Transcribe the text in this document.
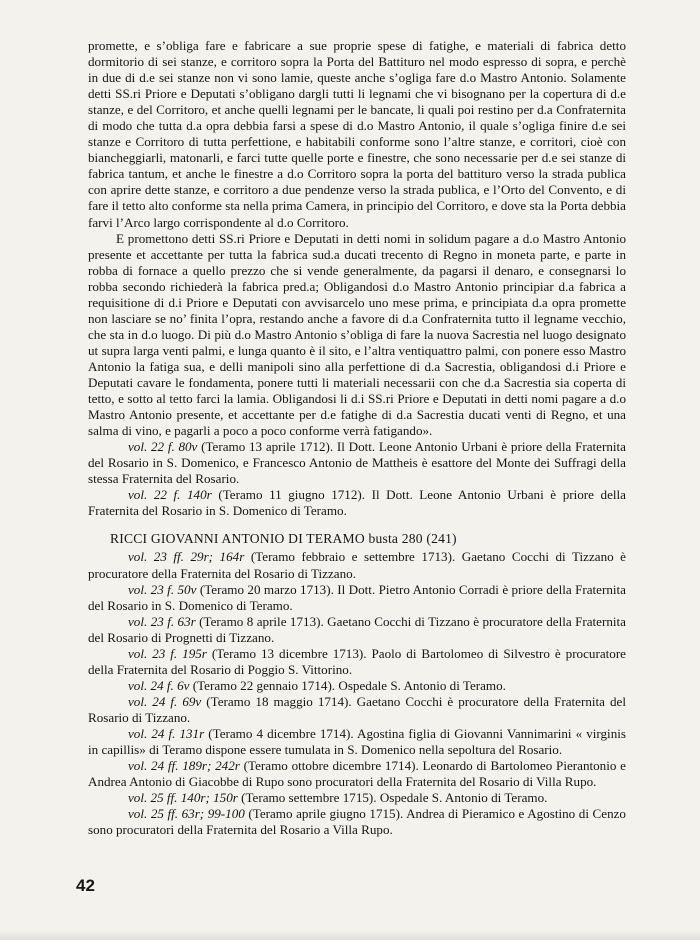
promette, e s’obliga fare e fabricare a sue proprie spese di fatighe, e materiali di fabrica detto dormitorio di sei stanze, e corritoro sopra la Porta del Battituro nel modo espresso di sopra, e perchè in due di d.e sei stanze non vi sono lamie, queste anche s’ogliga fare d.o Mastro Antonio. Solamente detti SS.ri Priore e Deputati s’obligano dargli tutti li legnami che vi bisognano per la copertura di d.e stanze, e del Corritoro, et anche quelli legnami per le bancate, li quali poi restino per d.a Confraternita di modo che tutta d.a opra debbia farsi a spese di d.o Mastro Antonio, il quale s’ogliga finire d.e sei stanze e Corritoro di tutta perfettione, e habitabili conforme sono l’altre stanze, e corritori, cioè con biancheggiarli, matonarli, e farci tutte quelle porte e finestre, che sono necessarie per d.e sei stanze di fabrica tantum, et anche le finestre a d.o Corritoro sopra la porta del battituro verso la strada publica con aprire dette stanze, e corritoro a due pendenze verso la strada publica, e l’Orto del Convento, e di fare il tetto alto conforme sta nella prima Camera, in principio del Corritoro, e dove sta la Porta debbia farvi l’Arco largo corrispondente al d.o Corritoro.

E promettono detti SS.ri Priore e Deputati in detti nomi in solidum pagare a d.o Mastro Antonio presente et accettante per tutta la fabrica sud.a ducati trecento di Regno in moneta parte, e parte in robba di fornace a quello prezzo che si vende generalmente, da pagarsi il denaro, e consegnarsi lo robba secondo richiederà la fabrica pred.a; Obligandosi d.o Mastro Antonio principiar d.a fabrica a requisitione di d.i Priore e Deputati con avvisarcelo uno mese prima, e principiata d.a opra promette non lasciare se no’ finita l’opra, restando anche a favore di d.a Confraternita tutto il legname vecchio, che sta in d.o luogo. Di più d.o Mastro Antonio s’obliga di fare la nuova Sacrestia nel luogo designato ut supra larga venti palmi, e lunga quanto è il sito, e l’altra ventiquattro palmi, con ponere esso Mastro Antonio la fatiga sua, e delli manipoli sino alla perfettione di d.a Sacrestia, obligandosi d.i Priore e Deputati cavare le fondamenta, ponere tutti li materiali necessarii con che d.a Sacrestia sia coperta di tetto, e sotto al tetto farci la lamia. Obligandosi li d.i SS.ri Priore e Deputati in detti nomi pagare a d.o Mastro Antonio presente, et accettante per d.e fatighe di d.a Sacrestia ducati venti di Regno, et una salma di vino, e pagarli a poco a poco conforme verrà fatigando».

vol. 22 f. 80v (Teramo 13 aprile 1712). Il Dott. Leone Antonio Urbani è priore della Fraternita del Rosario in S. Domenico, e Francesco Antonio de Mattheis è esattore del Monte dei Suffragi della stessa Fraternita del Rosario.

vol. 22 f. 140r (Teramo 11 giugno 1712). Il Dott. Leone Antonio Urbani è priore della Fraternita del Rosario in S. Domenico di Teramo.

RICCI GIOVANNI ANTONIO DI TERAMO busta 280 (241)

vol. 23 ff. 29r; 164r (Teramo febbraio e settembre 1713). Gaetano Cocchi di Tizzano è procuratore della Fraternita del Rosario di Tizzano.

vol. 23 f. 50v (Teramo 20 marzo 1713). Il Dott. Pietro Antonio Corradi è priore della Fraternita del Rosario in S. Domenico di Teramo.

vol. 23 f. 63r (Teramo 8 aprile 1713). Gaetano Cocchi di Tizzano è procuratore della Fraternita del Rosario di Prognetti di Tizzano.

vol. 23 f. 195r (Teramo 13 dicembre 1713). Paolo di Bartolomeo di Silvestro è procuratore della Fraternita del Rosario di Poggio S. Vittorino.

vol. 24 f. 6v (Teramo 22 gennaio 1714). Ospedale S. Antonio di Teramo.

vol. 24 f. 69v (Teramo 18 maggio 1714). Gaetano Cocchi è procuratore della Fraternita del Rosario di Tizzano.

vol. 24 f. 131r (Teramo 4 dicembre 1714). Agostina figlia di Giovanni Vannimarini « virginis in capillis» di Teramo dispone essere tumulata in S. Domenico nella sepoltura del Rosario.

vol. 24 ff. 189r; 242r (Teramo ottobre dicembre 1714). Leonardo di Bartolomeo Pierantonio e Andrea Antonio di Giacobbe di Rupo sono procuratori della Fraternita del Rosario di Villa Rupo.

vol. 25 ff. 140r; 150r (Teramo settembre 1715). Ospedale S. Antonio di Teramo.

vol. 25 ff. 63r; 99-100 (Teramo aprile giugno 1715). Andrea di Pieramico e Agostino di Cenzo sono procuratori della Fraternita del Rosario a Villa Rupo.

42
